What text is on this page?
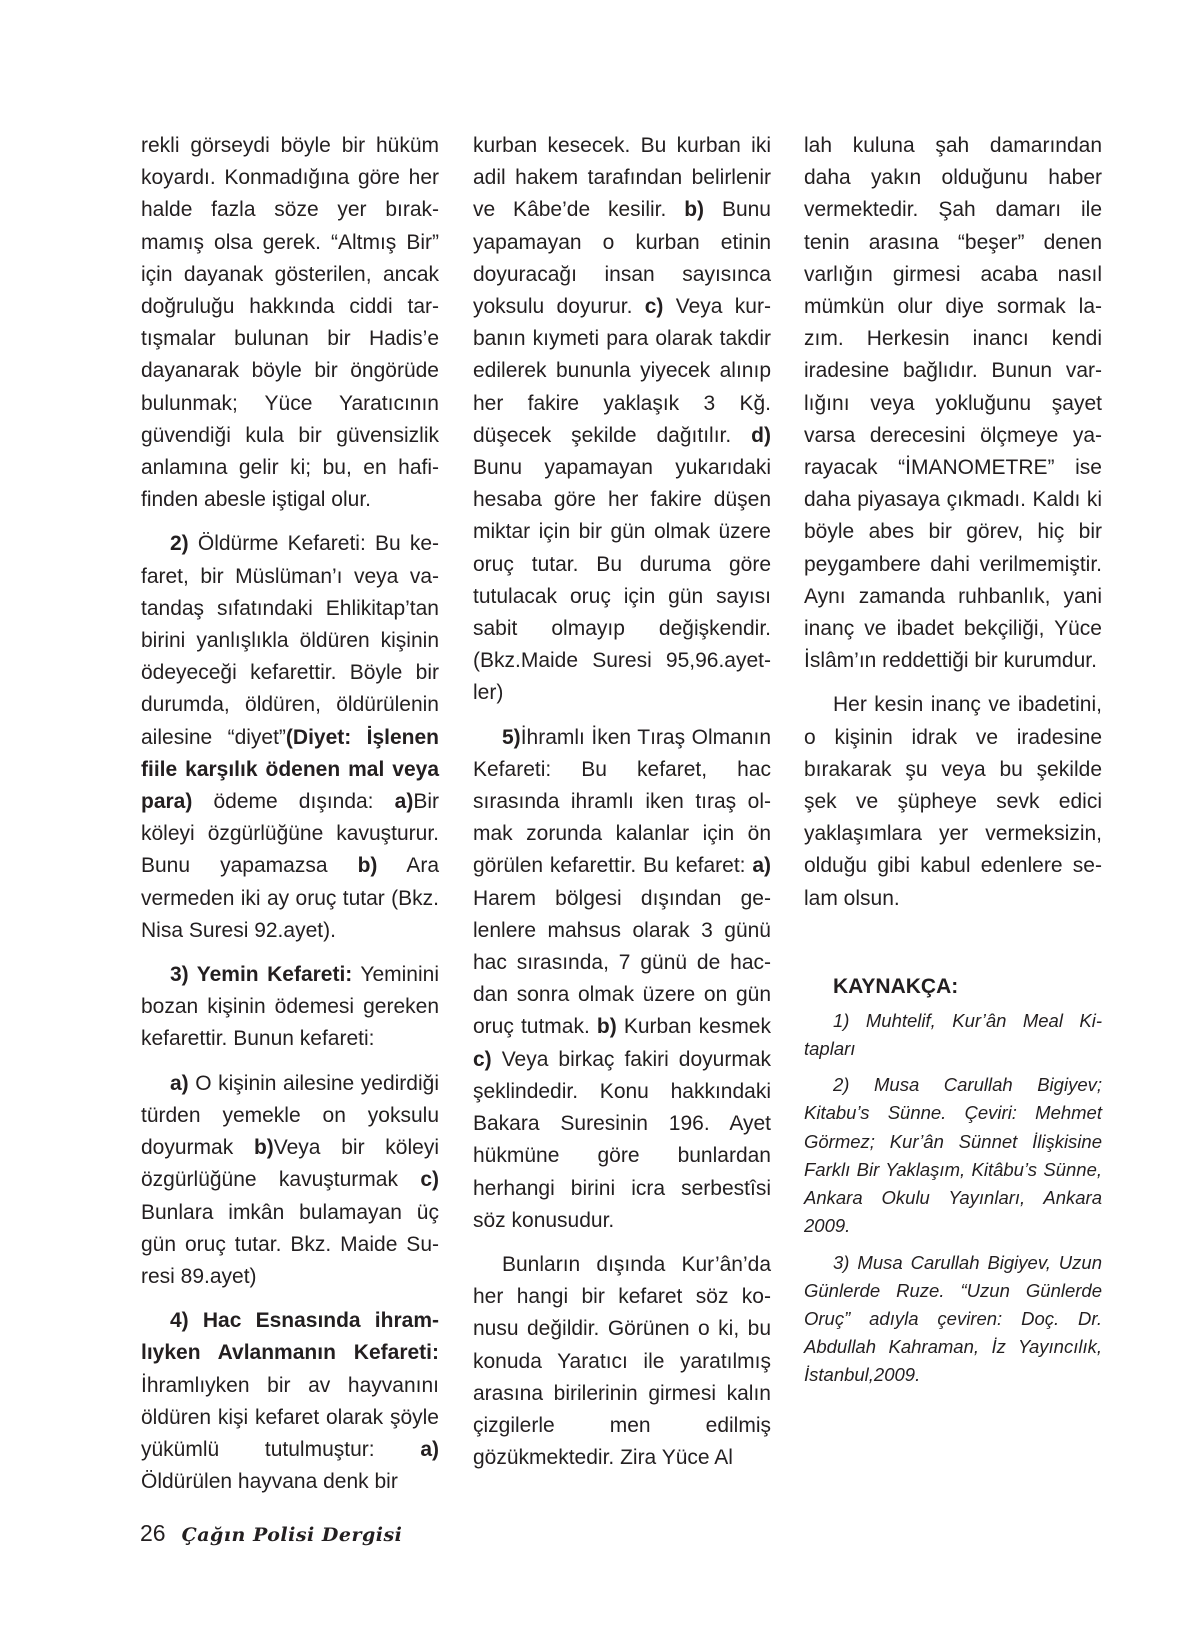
rekli görseydi böyle bir hüküm koyardı. Konmadığına göre her halde fazla söze yer bırakmamış olsa gerek. “Altmış Bir” için dayanak gösterilen, ancak doğruluğu hakkında ciddi tartışmalar bulunan bir Hadis’e dayanarak böyle bir öngörüde bulunmak; Yüce Yaratıcının güvendiği kula bir güvensizlik anlamına gelir ki; bu, en hafifinden abesle iştigal olur.

2) Öldürme Kefareti: Bu kefaret, bir Müslüman’ı veya vatandaş sıfatındaki Ehlikitap’tan birini yanlışlıkla öldüren kişinin ödeyeceği kefarettir. Böyle bir durumda, öldüren, öldürülenin ailesine “diyet”(Diyet: İşlenen fiile karşılık ödenen mal veya para) ödeme dışında: a)Bir köleyi özgürlüğüne kavuşturur. Bunu yapamazsa b) Ara vermeden iki ay oruç tutar (Bkz. Nisa Suresi 92.ayet).

3) Yemin Kefareti: Yeminini bozan kişinin ödemesi gereken kefarettir. Bunun kefareti:

a) O kişinin ailesine yedirdiği türden yemekle on yoksulu doyurmak b)Veya bir köleyi özgürlüğüne kavuşturmak c) Bunlara imkân bulamayan üç gün oruç tutar. Bkz. Maide Suresi 89.ayet)

4) Hac Esnasında ihramlıyken Avlanmanın Kefareti: İhramlıyken bir av hayvanını öldüren kişi kefaret olarak şöyle yükümlü tutulmuştur: a) Öldürülen hayvana denk bir

kurban kesecek. Bu kurban iki adil hakem tarafından belirlenir ve Kâbe’de kesilir. b) Bunu yapamayan o kurban etinin doyuracağı insan sayısınca yoksulu doyurur. c) Veya kurbanın kıymeti para olarak takdir edilerek bununla yiyecek alınıp her fakire yaklaşık 3 Kğ. düşecek şekilde dağıtılır. d) Bunu yapamayan yukarıdaki hesaba göre her fakire düşen miktar için bir gün olmak üzere oruç tutar. Bu duruma göre tutulacak oruç için gün sayısı sabit olmayıp değişkendir. (Bkz.Maide Suresi 95,96.ayetler)

5)İhramlı İken Tıraş Olmanın Kefareti: Bu kefaret, hac sırasında ihramlı iken tıraş olmak zorunda kalanlar için ön görülen kefarettir. Bu kefaret: a) Harem bölgesi dışından gelenlere mahsus olarak 3 günü hac sırasında, 7 günü de hacdan sonra olmak üzere on gün oruç tutmak. b) Kurban kesmek c) Veya birkaç fakiri doyurmak şeklindedir. Konu hakkındaki Bakara Suresinin 196. Ayet hükmüne göre bunlardan herhangi birini icra serbestîsi söz konusudur.

Bunların dışında Kur’ân’da her hangi bir kefaret söz konusu değildir. Görünen o ki, bu konuda Yaratıcı ile yaratılmış arasına birilerinin girmesi kalın çizgilerle men edilmiş gözükmektedir. Zira Yüce Al

lah kuluna şah damarından daha yakın olduğunu haber vermektedir. Şah damarı ile tenin arasına “beşer” denen varlığın girmesi acaba nasıl mümkün olur diye sormak lazım. Herkesin inancı kendi iradesine bağlıdır. Bunun varlığını veya yokluğunu şayet varsa derecesini ölçmeye yarayacak “İMANOMETRE” ise daha piyasaya çıkmadı. Kaldı ki böyle abes bir görev, hiç bir peygambere dahi verilmemiştir. Aynı zamanda ruhbanlık, yani inanç ve ibadet bekçiliği, Yüce İslâm’ın reddettiği bir kurumdur.

Her kesin inanç ve ibadetini, o kişinin idrak ve iradesine bırakarak şu veya bu şekilde şek ve şüpheye sevk edici yaklaşımlara yer vermeksizin, olduğu gibi kabul edenlere selam olsun.

KAYNAKÇA:

1) Muhtelif, Kur’ân Meal Kitapları

2) Musa Carullah Bigiyev; Kitabu’s Sünne. Çeviri: Mehmet Görmez; Kur’ân Sünnet İlişkisine Farklı Bir Yaklaşım, Kitâbu’s Sünne, Ankara Okulu Yayınları, Ankara 2009.

3) Musa Carullah Bigiyev, Uzun Günlerde Ruze. “Uzun Günlerde Oruç” adıyla çeviren: Doç. Dr. Abdullah Kahraman, İz Yayıncılık, İstanbul,2009.

26 Çağın Polisi Dergisi
